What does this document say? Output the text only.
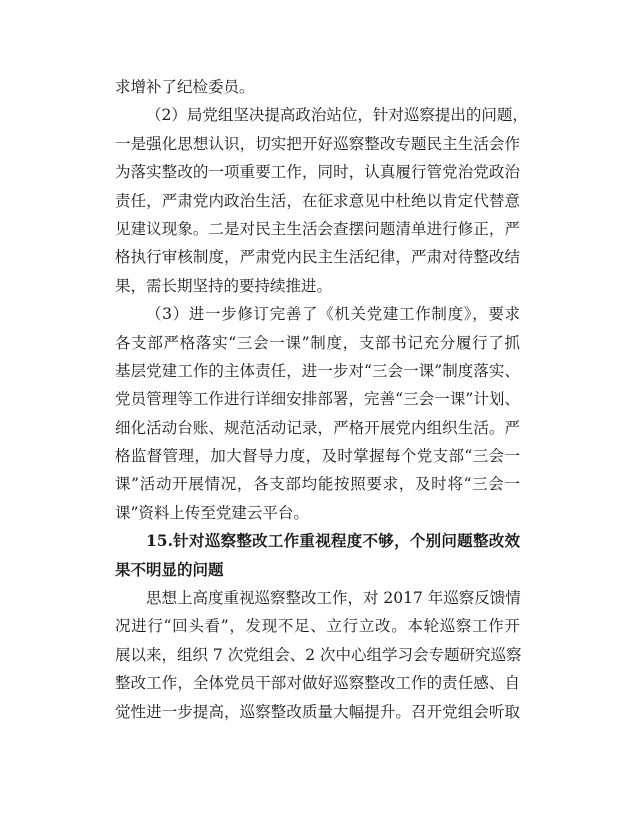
求增补了纪检委员。
（2）局党组坚决提高政治站位，针对巡察提出的问题，
一是强化思想认识，切实把开好巡察整改专题民主生活会作
为落实整改的一项重要工作，同时，认真履行管党治党政治
责任，严肃党内政治生活，在征求意见中杜绝以肯定代替意
见建议现象。二是对民主生活会查摆问题清单进行修正，严
格执行审核制度，严肃党内民主生活纪律，严肃对待整改结
果，需长期坚持的要持续推进。
（3）进一步修订完善了《机关党建工作制度》，要求
各支部严格落实“三会一课”制度，支部书记充分履行了抓
基层党建工作的主体责任，进一步对“三会一课”制度落实、
党员管理等工作进行详细安排部署，完善“三会一课”计划、
细化活动台账、规范活动记录，严格开展党内组织生活。严
格监督管理，加大督导力度，及时掌握每个党支部“三会一
课”活动开展情况，各支部均能按照要求，及时将“三会一
课”资料上传至党建云平台。
15.针对巡察整改工作重视程度不够，个别问题整改效
果不明显的问题
思想上高度重视巡察整改工作，对 2017 年巡察反馈情
况进行“回头看”，发现不足、立行立改。本轮巡察工作开
展以来，组织 7 次党组会、2 次中心组学习会专题研究巡察
整改工作，全体党员干部对做好巡察整改工作的责任感、自
觉性进一步提高，巡察整改质量大幅提升。召开党组会听取
